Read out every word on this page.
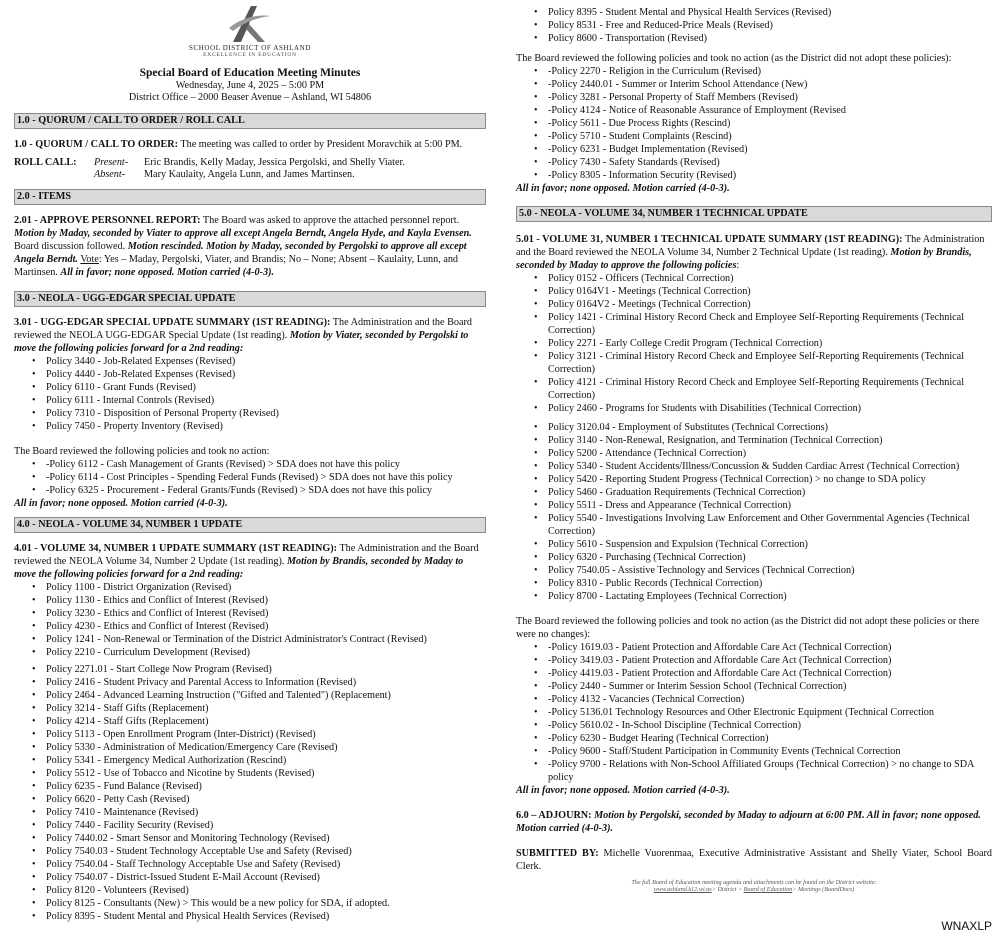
SCHOOL DISTRICT OF ASHLAND
EXCELLENCE IN EDUCATION
Special Board of Education Meeting Minutes
Wednesday, June 4, 2025 – 5:00 PM
District Office – 2000 Beaser Avenue – Ashland, WI 54806
1.0 - QUORUM / CALL TO ORDER / ROLL CALL

1.0 - QUORUM / CALL TO ORDER: The meeting was called to order by President Moravchik at 5:00 PM.

ROLL CALL:	Present-	Eric Brandis, Kelly Maday, Jessica Pergolski, and Shelly Viater.
Absent-	Mary Kaulaity, Angela Lunn, and James Martinsen.
2.0 - ITEMS

2.01 - APPROVE PERSONNEL REPORT: The Board was asked to approve the attached personnel report. Motion by Maday, seconded by Viater to approve all except Angela Berndt, Angela Hyde, and Kayla Evensen. Board discussion followed. Motion rescinded. Motion by Maday, seconded by Pergolski to approve all except Angela Berndt. Vote: Yes – Maday, Pergolski, Viater, and Brandis; No – None; Absent – Kaulaity, Lunn, and Martinsen. All in favor; none opposed. Motion carried (4-0-3).

3.0 - NEOLA - UGG-EDGAR SPECIAL UPDATE

3.01 - UGG-EDGAR SPECIAL UPDATE SUMMARY (1ST READING): The Administration and the Board reviewed the NEOLA UGG-EDGAR Special Update (1st reading). Motion by Viater, seconded by Pergolski to move the following policies forward for a 2nd reading:

• Policy 3440 - Job-Related Expenses (Revised)
• Policy 4440 - Job-Related Expenses (Revised)
• Policy 6110 - Grant Funds (Revised)
• Policy 6111 - Internal Controls (Revised)
• Policy 7310 - Disposition of Personal Property (Revised)
• Policy 7450 - Property Inventory (Revised)

The Board reviewed the following policies and took no action:

• -Policy 6112 - Cash Management of Grants (Revised) > SDA does not have this policy
• -Policy 6114 - Cost Principles - Spending Federal Funds (Revised) > SDA does not have this policy
• -Policy 6325 - Procurement - Federal Grants/Funds (Revised) > SDA does not have this policy

All in favor; none opposed. Motion carried (4-0-3).

4.0 - NEOLA - VOLUME 34, NUMBER 1 UPDATE

4.01 - VOLUME 34, NUMBER 1 UPDATE SUMMARY (1ST READING): The Administration and the Board reviewed the NEOLA Volume 34, Number 2 Update (1st reading). Motion by Brandis, seconded by Maday to move the following policies forward for a 2nd reading:

• Policy 1100 - District Organization (Revised)
• Policy 1130 - Ethics and Conflict of Interest (Revised)
• Policy 3230 - Ethics and Conflict of Interest (Revised)
• Policy 4230 - Ethics and Conflict of Interest (Revised)
• Policy 1241 - Non-Renewal or Termination of the District Administrator's Contract (Revised)
• Policy 2210 - Curriculum Development (Revised)
• Policy 2271.01 - Start College Now Program (Revised)
• Policy 2416 - Student Privacy and Parental Access to Information (Revised)
• Policy 2464 - Advanced Learning Instruction ("Gifted and Talented") (Replacement)
• Policy 3214 - Staff Gifts (Replacement)
• Policy 4214 - Staff Gifts (Replacement)
• Policy 5113 - Open Enrollment Program (Inter-District) (Revised)
• Policy 5330 - Administration of Medication/Emergency Care (Revised)
• Policy 5341 - Emergency Medical Authorization (Rescind)
• Policy 5512 - Use of Tobacco and Nicotine by Students (Revised)
• Policy 6235 - Fund Balance (Revised)
• Policy 6620 - Petty Cash (Revised)
• Policy 7410 - Maintenance (Revised)
• Policy 7440 - Facility Security (Revised)
• Policy 7440.02 - Smart Sensor and Monitoring Technology (Revised)
• Policy 7540.03 - Student Technology Acceptable Use and Safety (Revised)
• Policy 7540.04 - Staff Technology Acceptable Use and Safety (Revised)
• Policy 7540.07 - District-Issued Student E-Mail Account (Revised)
• Policy 8120 - Volunteers (Revised)
• Policy 8125 - Consultants (New) > This would be a new policy for SDA, if adopted.
• Policy 8395 - Student Mental and Physical Health Services (Revised)
• Policy 8395 - Student Mental and Physical Health Services (Revised)
• Policy 8531 - Free and Reduced-Price Meals (Revised)
• Policy 8600 - Transportation (Revised)

The Board reviewed the following policies and took no action (as the District did not adopt these policies):

• -Policy 2270 - Religion in the Curriculum (Revised)
• -Policy 2440.01 - Summer or Interim School Attendance (New)
• -Policy 3281 - Personal Property of Staff Members (Revised)
• -Policy 4124 - Notice of Reasonable Assurance of Employment (Revised
• -Policy 5611 - Due Process Rights (Rescind)
• -Policy 5710 - Student Complaints (Rescind)
• -Policy 6231 - Budget Implementation (Revised)
• -Policy 7430 - Safety Standards (Revised)
• -Policy 8305 - Information Security (Revised)

All in favor; none opposed. Motion carried (4-0-3).

5.0 - NEOLA - VOLUME 34, NUMBER 1 TECHNICAL UPDATE

5.01 - VOLUME 31, NUMBER 1 TECHNICAL UPDATE SUMMARY (1ST READING): The Administration and the Board reviewed the NEOLA Volume 34, Number 2 Technical Update (1st reading). Motion by Brandis, seconded by Maday to approve the following policies:

• Policy 0152 - Officers (Technical Correction)
• Policy 0164V1 - Meetings (Technical Correction)
• Policy 0164V2 - Meetings (Technical Correction)
• Policy 1421 - Criminal History Record Check and Employee Self-Reporting Requirements (Technical Correction)
• Policy 2271 - Early College Credit Program (Technical Correction)
• Policy 3121 - Criminal History Record Check and Employee Self-Reporting Requirements (Technical Correction)
• Policy 4121 - Criminal History Record Check and Employee Self-Reporting Requirements (Technical Correction)
• Policy 2460 - Programs for Students with Disabilities (Technical Correction)
• Policy 3120.04 - Employment of Substitutes (Technical Corrections)
• Policy 3140 - Non-Renewal, Resignation, and Termination (Technical Correction)
• Policy 5200 - Attendance (Technical Correction)
• Policy 5340 - Student Accidents/Illness/Concussion & Sudden Cardiac Arrest (Technical Correction)
• Policy 5420 - Reporting Student Progress (Technical Correction) > no change to SDA policy
• Policy 5460 - Graduation Requirements (Technical Correction)
• Policy 5511 - Dress and Appearance (Technical Correction)
• Policy 5540 - Investigations Involving Law Enforcement and Other Governmental Agencies (Technical Correction)
• Policy 5610 - Suspension and Expulsion (Technical Correction)
• Policy 6320 - Purchasing (Technical Correction)
• Policy 7540.05 - Assistive Technology and Services (Technical Correction)
• Policy 8310 - Public Records (Technical Correction)
• Policy 8700 - Lactating Employees (Technical Correction)

The Board reviewed the following policies and took no action (as the District did not adopt these policies or there were no changes):

• -Policy 1619.03 - Patient Protection and Affordable Care Act (Technical Correction)
• -Policy 3419.03 - Patient Protection and Affordable Care Act (Technical Correction)
• -Policy 4419.03 - Patient Protection and Affordable Care Act (Technical Correction)
• -Policy 2440 - Summer or Interim Session School (Technical Correction)
• -Policy 4132 - Vacancies (Technical Correction)
• -Policy 5136.01 Technology Resources and Other Electronic Equipment (Technical Correction
• -Policy 5610.02 - In-School Discipline (Technical Correction)
• -Policy 6230 - Budget Hearing (Technical Correction)
• -Policy 9600 - Staff/Student Participation in Community Events (Technical Correction
• -Policy 9700 - Relations with Non-School Affiliated Groups (Technical Correction) > no change to SDA policy

All in favor; none opposed. Motion carried (4-0-3).

6.0 – ADJOURN: Motion by Pergolski, seconded by Maday to adjourn at 6:00 PM. All in favor; none opposed. Motion carried (4-0-3).

SUBMITTED BY: Michelle Vuorenmaa, Executive Administrative Assistant and Shelly Viater, School Board Clerk.

The full Board of Education meeting agenda and attachments can be found on the District website:
www.ashland.k12.wi.us> District > Board of Education> Meetings (BoardDocs)
WNAXLP
